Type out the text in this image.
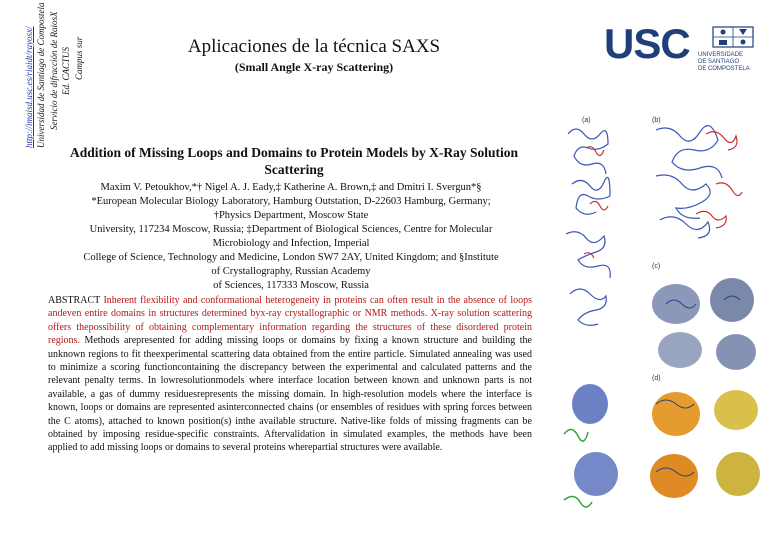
http://imaisd.usc.es/riaidt/rayosx/ Universidad de Santiago de Compostela Servicio de difracción de RaiosX Ed. CACTUS Campus sur	Aplicaciones de la técnica SAXS
(Small Angle X-ray Scattering)	USC UNIVERSIDADE
DE SANTIAGO
DE COMPOSTELA
Addition of Missing Loops and Domains to Protein Models by X-Ray Solution Scattering
Maxim V. Petoukhov,*† Nigel A. J. Eady,‡ Katherine A. Brown,‡ and Dmitri I. Svergun*§
*European Molecular Biology Laboratory, Hamburg Outstation, D-22603 Hamburg, Germany;
†Physics Department, Moscow State
University, 117234 Moscow, Russia; ‡Department of Biological Sciences, Centre for Molecular
Microbiology and Infection, Imperial
College of Science, Technology and Medicine, London SW7 2AY, United Kingdom; and §Institute
of Crystallography, Russian Academy
of Sciences, 117333 Moscow, Russia
ABSTRACT Inherent flexibility and conformational heterogeneity in proteins can often result in the absence of loops andeven entire domains in structures determined byx-ray crystallographic or NMR methods. X-ray solution scattering offers thepossibility of obtaining complementary information regarding the structures of these disordered protein regions. Methods arepresented for adding missing loops or domains by fixing a known structure and building the unknown regions to fit theexperimental scattering data obtained from the entire particle. Simulated annealing was used to minimize a scoring functioncontaining the discrepancy between the experimental and calculated patterns and the relevant penalty terms. In lowresolutionmodels where interface location between known and unknown parts is not available, a gas of dummy residuesrepresents the missing domain. In high-resolution models where the interface is known, loops or domains are represented asinterconnected chains (or ensembles of residues with spring forces between the C atoms), attached to known position(s) inthe available structure. Native-like folds of missing fragments can be obtained by imposing residue-specific constraints. Aftervalidation in simulated examples, the methods have been applied to add missing loops or domains to several proteins wherepartial structures were available.
(a)	(b)
(c)
(d)
